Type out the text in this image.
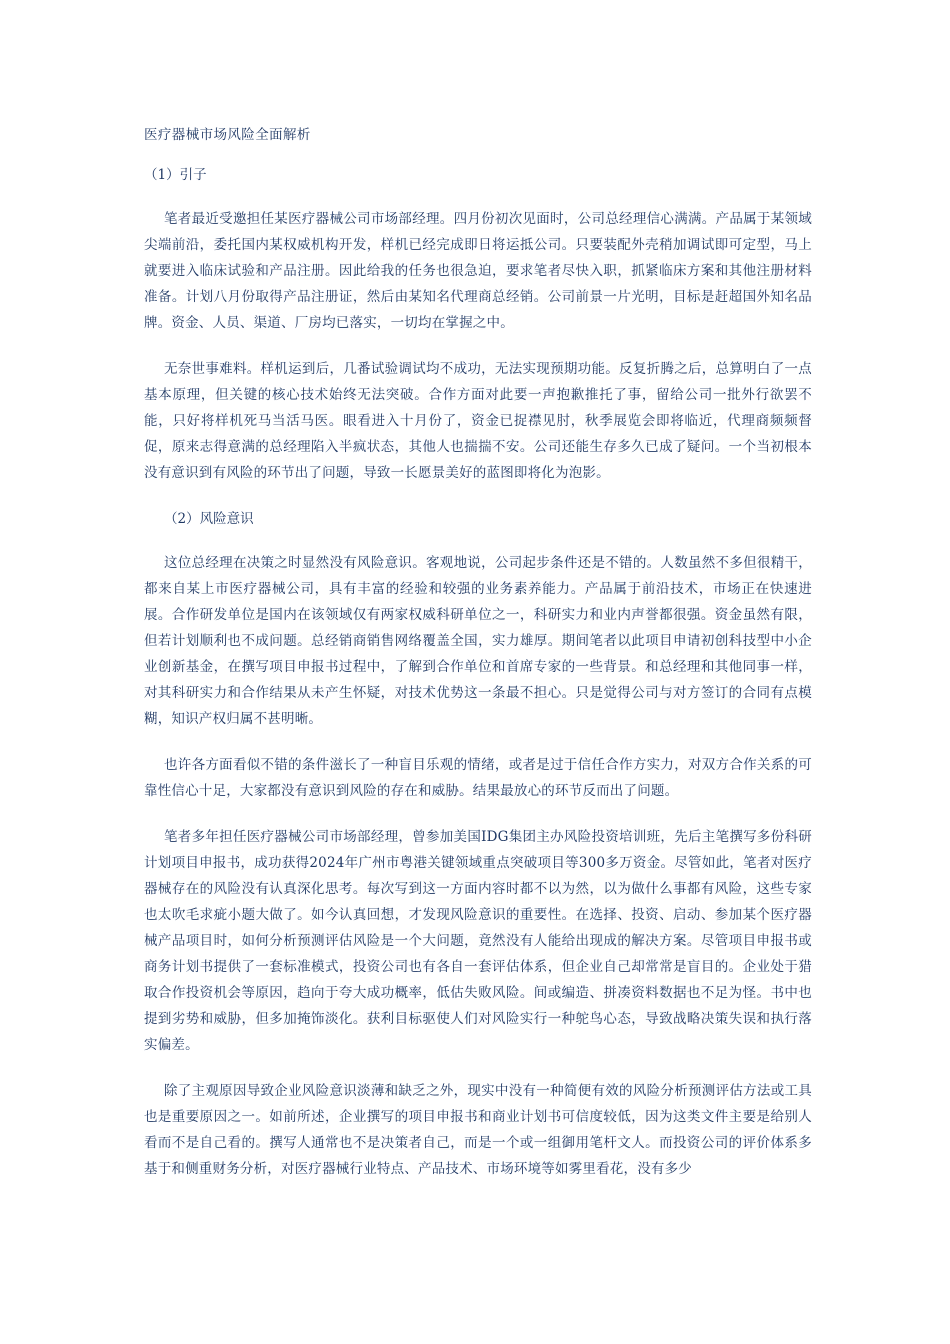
医疗器械市场风险全面解析

（1）引子

笔者最近受邀担任某医疗器械公司市场部经理。四月份初次见面时，公司总经理信心满满。产品属于某领域尖端前沿，委托国内某权威机构开发，样机已经完成即日将运抵公司。只要装配外壳稍加调试即可定型，马上就要进入临床试验和产品注册。因此给我的任务也很急迫，要求笔者尽快入职，抓紧临床方案和其他注册材料准备。计划八月份取得产品注册证，然后由某知名代理商总经销。公司前景一片光明，目标是赶超国外知名品牌。资金、人员、渠道、厂房均已落实，一切均在掌握之中。

无奈世事难料。样机运到后，几番试验调试均不成功，无法实现预期功能。反复折腾之后，总算明白了一点基本原理，但关键的核心技术始终无法突破。合作方面对此要一声抱歉推托了事，留给公司一批外行欲罢不能，只好将样机死马当活马医。眼看进入十月份了，资金已捉襟见肘，秋季展览会即将临近，代理商频频督促，原来志得意满的总经理陷入半疯状态，其他人也揣揣不安。公司还能生存多久已成了疑问。一个当初根本没有意识到有风险的环节出了问题，导致一长愿景美好的蓝图即将化为泡影。

（2）风险意识

这位总经理在决策之时显然没有风险意识。客观地说，公司起步条件还是不错的。人数虽然不多但很精干，都来自某上市医疗器械公司，具有丰富的经验和较强的业务素养能力。产品属于前沿技术，市场正在快速进展。合作研发单位是国内在该领域仅有两家权威科研单位之一，科研实力和业内声誉都很强。资金虽然有限，但若计划顺利也不成问题。总经销商销售网络覆盖全国，实力雄厚。期间笔者以此项目申请初创科技型中小企业创新基金，在撰写项目申报书过程中，了解到合作单位和首席专家的一些背景。和总经理和其他同事一样，对其科研实力和合作结果从未产生怀疑，对技术优势这一条最不担心。只是觉得公司与对方签订的合同有点模糊，知识产权归属不甚明晰。

也许各方面看似不错的条件滋长了一种盲目乐观的情绪，或者是过于信任合作方实力，对双方合作关系的可靠性信心十足，大家都没有意识到风险的存在和威胁。结果最放心的环节反而出了问题。

笔者多年担任医疗器械公司市场部经理，曾参加美国IDG集团主办风险投资培训班，先后主笔撰写多份科研计划项目申报书，成功获得2024年广州市粤港关键领域重点突破项目等300多万资金。尽管如此，笔者对医疗器械存在的风险没有认真深化思考。每次写到这一方面内容时都不以为然，以为做什么事都有风险，这些专家也太吹毛求疵小题大做了。如今认真回想，才发现风险意识的重要性。在选择、投资、启动、参加某个医疗器械产品项目时，如何分析预测评估风险是一个大问题，竟然没有人能给出现成的解决方案。尽管项目申报书或商务计划书提供了一套标准模式，投资公司也有各自一套评估体系，但企业自己却常常是盲目的。企业处于猎取合作投资机会等原因，趋向于夸大成功概率，低估失败风险。间或编造、拼凑资料数据也不足为怪。书中也提到劣势和威胁，但多加掩饰淡化。获利目标驱使人们对风险实行一种鸵鸟心态，导致战略决策失误和执行落实偏差。

除了主观原因导致企业风险意识淡薄和缺乏之外，现实中没有一种简便有效的风险分析预测评估方法或工具也是重要原因之一。如前所述，企业撰写的项目申报书和商业计划书可信度较低，因为这类文件主要是给别人看而不是自己看的。撰写人通常也不是决策者自己，而是一个或一组御用笔杆文人。而投资公司的评价体系多基于和侧重财务分析，对医疗器械行业特点、产品技术、市场环境等如雾里看花，没有多少
